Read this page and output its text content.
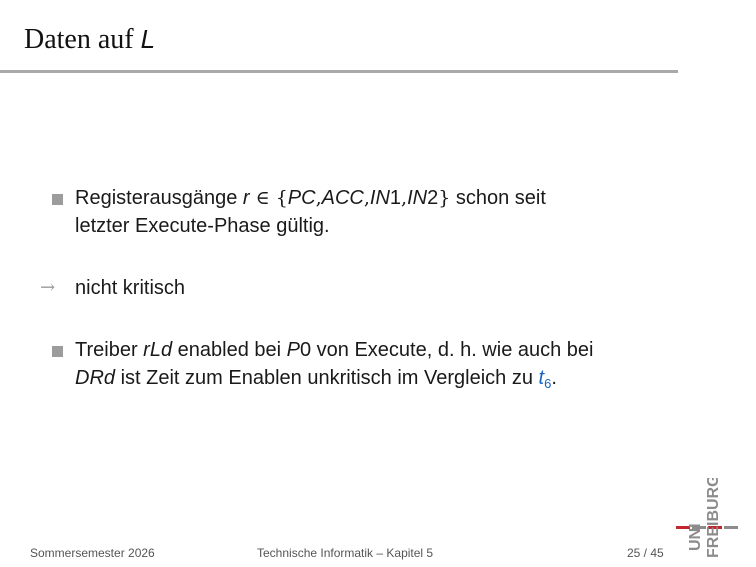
Daten auf L
Registerausgänge r ∈ {PC,ACC,IN1,IN2} schon seit
letzter Execute-Phase gültig.
→ nicht kritisch
Treiber rLd enabled bei P0 von Execute, d. h. wie auch bei
DRd ist Zeit zum Enablen unkritisch im Vergleich zu $t_6$.
Sommersemester 2026	Technische Informatik – Kapitel 5	25 / 45
UNI FREIBURG
